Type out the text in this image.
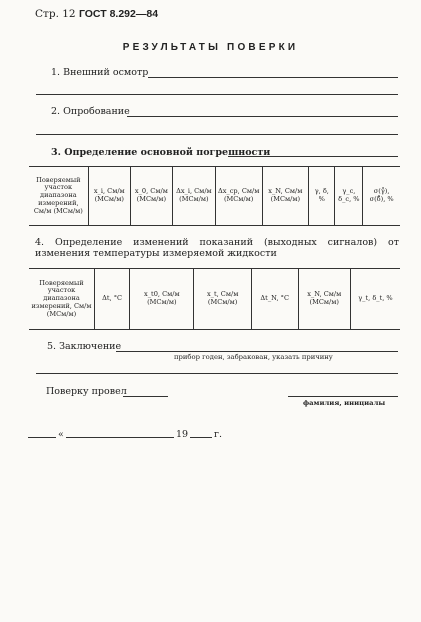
Стр. 12 ГОСТ 8.292—84
РЕЗУЛЬТАТЫ ПОВЕРКИ
1. Внешний осмотр
2. Опробование
3. Определение основной погрешности
Поверяемый участок диапазона измерений, См/м (МСм/м)	x_i, См/м (МСм/м)	x_0, См/м (МСм/м)	Δx_i, См/м (МСм/м)	Δx_ср, См/м (МСм/м)	x_N, См/м (МСм/м)	γ, δ, %	γ_с, δ_с, %	σ(γ̊), σ(δ̊), %
4. Определение изменений показаний (выходных сигналов) от изменения температуры измеряемой жидкости
Поверяемый участок диапазона измерений, См/м (МСм/м)	Δt, °С	x_t0, См/м (МСм/м)	x_t, См/м (МСм/м)	Δt_N, °С	x_N, См/м (МСм/м)	γ_t, δ_t, %
5. Заключение
прибор годен, забракован, указать причину
Поверку провел
фамилия, инициалы
«	19	г.
